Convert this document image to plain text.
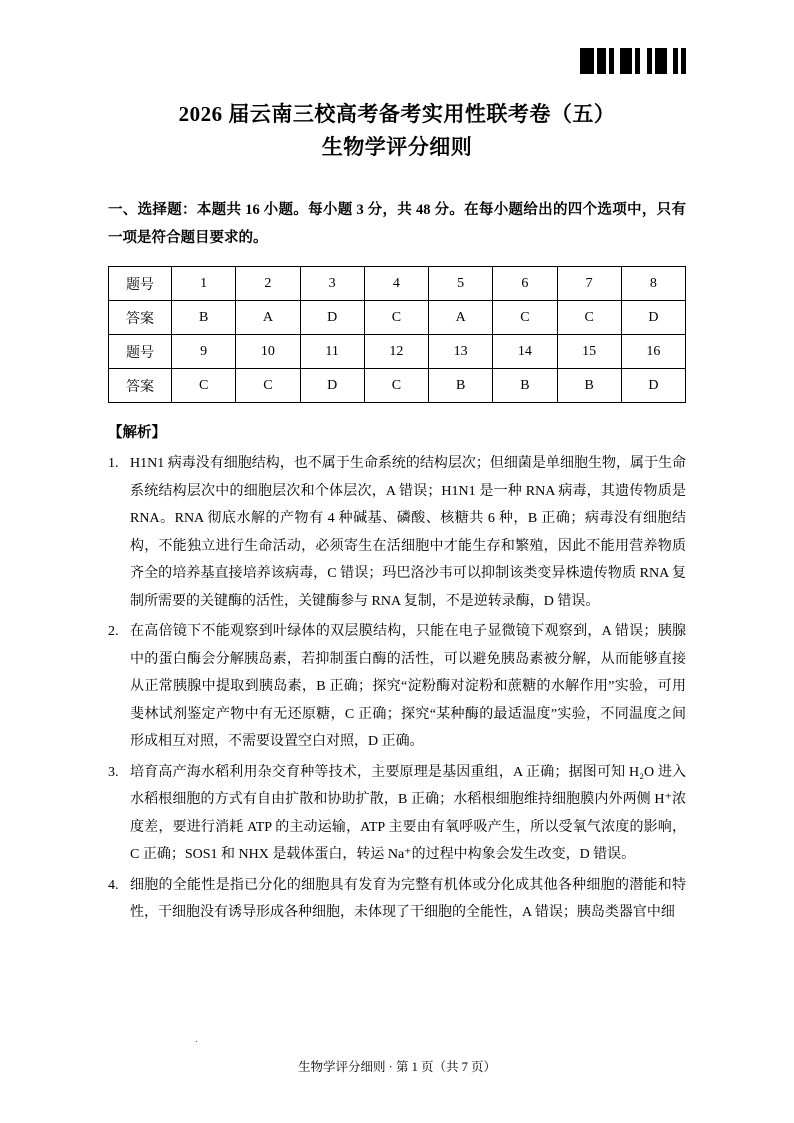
2026 届云南三校高考备考实用性联考卷（五）
生物学评分细则
一、选择题：本题共 16 小题。每小题 3 分，共 48 分。在每小题给出的四个选项中，只有一项是符合题目要求的。
题号	1	2	3	4	5	6	7	8
答案	B	A	D	C	A	C	C	D
题号	9	10	11	12	13	14	15	16
答案	C	C	D	C	B	B	B	D
【解析】
1. H1N1 病毒没有细胞结构，也不属于生命系统的结构层次；但细菌是单细胞生物，属于生命系统结构层次中的细胞层次和个体层次，A 错误；H1N1 是一种 RNA 病毒，其遗传物质是 RNA。RNA 彻底水解的产物有 4 种碱基、磷酸、核糖共 6 种，B 正确；病毒没有细胞结构，不能独立进行生命活动，必须寄生在活细胞中才能生存和繁殖，因此不能用营养物质齐全的培养基直接培养该病毒，C 错误；玛巴洛沙韦可以抑制该类变异株遗传物质 RNA 复制所需要的关键酶的活性，关键酶参与 RNA 复制，不是逆转录酶，D 错误。
2. 在高倍镜下不能观察到叶绿体的双层膜结构，只能在电子显微镜下观察到，A 错误；胰腺中的蛋白酶会分解胰岛素，若抑制蛋白酶的活性，可以避免胰岛素被分解，从而能够直接从正常胰腺中提取到胰岛素，B 正确；探究“淀粉酶对淀粉和蔗糖的水解作用”实验，可用斐林试剂鉴定产物中有无还原糖，C 正确；探究“某种酶的最适温度”实验，不同温度之间形成相互对照，不需要设置空白对照，D 正确。
3. 培育高产海水稻利用杂交育种等技术，主要原理是基因重组，A 正确；据图可知 H₂O 进入水稻根细胞的方式有自由扩散和协助扩散，B 正确；水稻根细胞维持细胞膜内外两侧 H⁺浓度差，要进行消耗 ATP 的主动运输，ATP 主要由有氧呼吸产生，所以受氧气浓度的影响，C 正确；SOS1 和 NHX 是载体蛋白，转运 Na⁺的过程中构象会发生改变，D 错误。
4. 细胞的全能性是指已分化的细胞具有发育为完整有机体或分化成其他各种细胞的潜能和特性，干细胞没有诱导形成各种细胞，未体现了干细胞的全能性，A 错误；胰岛类器官中细
.
生物学评分细则 · 第 1 页（共 7 页）
